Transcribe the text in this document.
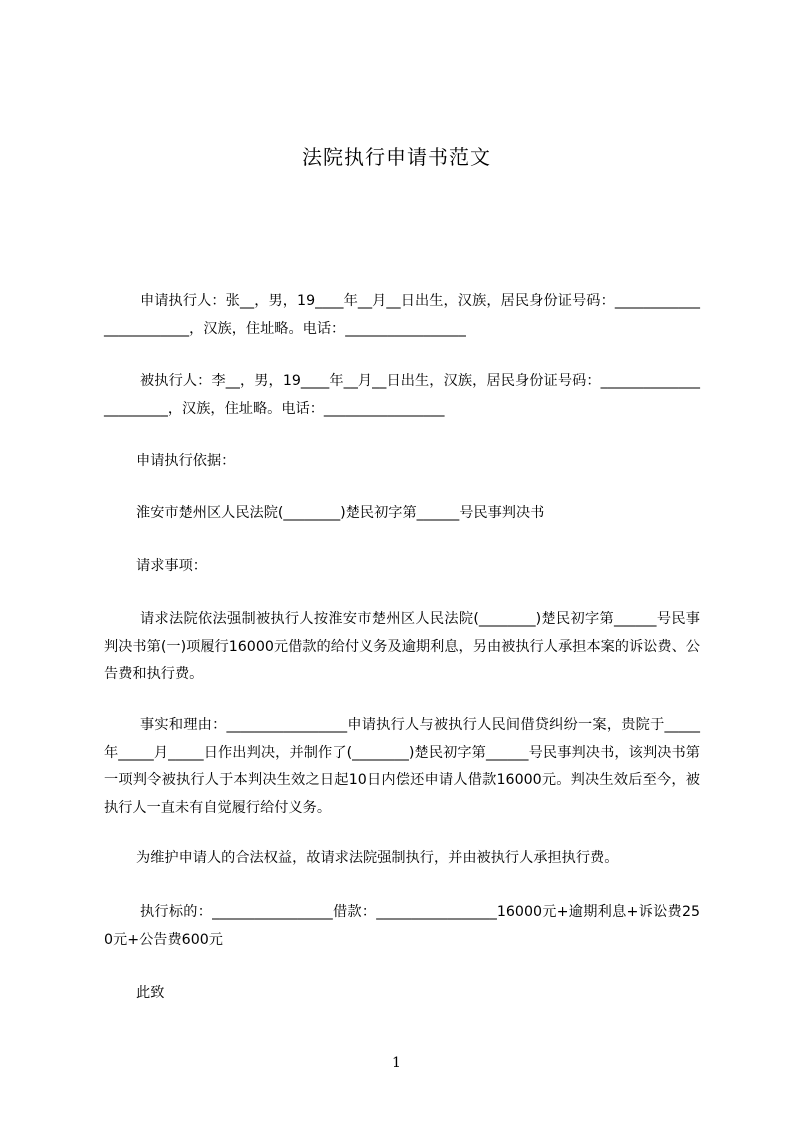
法院执行申请书范文
申请执行人：张__，男，19____年__月__日出生，汉族，居民身份证号码：________________________，汉族，住址略。电话：_________________
被执行人：李__，男，19____年__月__日出生，汉族，居民身份证号码：_______________________，汉族，住址略。电话：_________________
申请执行依据：
淮安市楚州区人民法院(________)楚民初字第______号民事判决书
请求事项：
请求法院依法强制被执行人按淮安市楚州区人民法院(________)楚民初字第______号民事判决书第(一)项履行16000元借款的给付义务及逾期利息，另由被执行人承担本案的诉讼费、公告费和执行费。
事实和理由：_________________申请执行人与被执行人民间借贷纠纷一案，贵院于_____年_____月_____日作出判决，并制作了(________)楚民初字第______号民事判决书，该判决书第一项判令被执行人于本判决生效之日起10日内偿还申请人借款16000元。判决生效后至今，被执行人一直未有自觉履行给付义务。
为维护申请人的合法权益，故请求法院强制执行，并由被执行人承担执行费。
执行标的：_________________借款：_________________16000元+逾期利息+诉讼费250元+公告费600元
此致
1
